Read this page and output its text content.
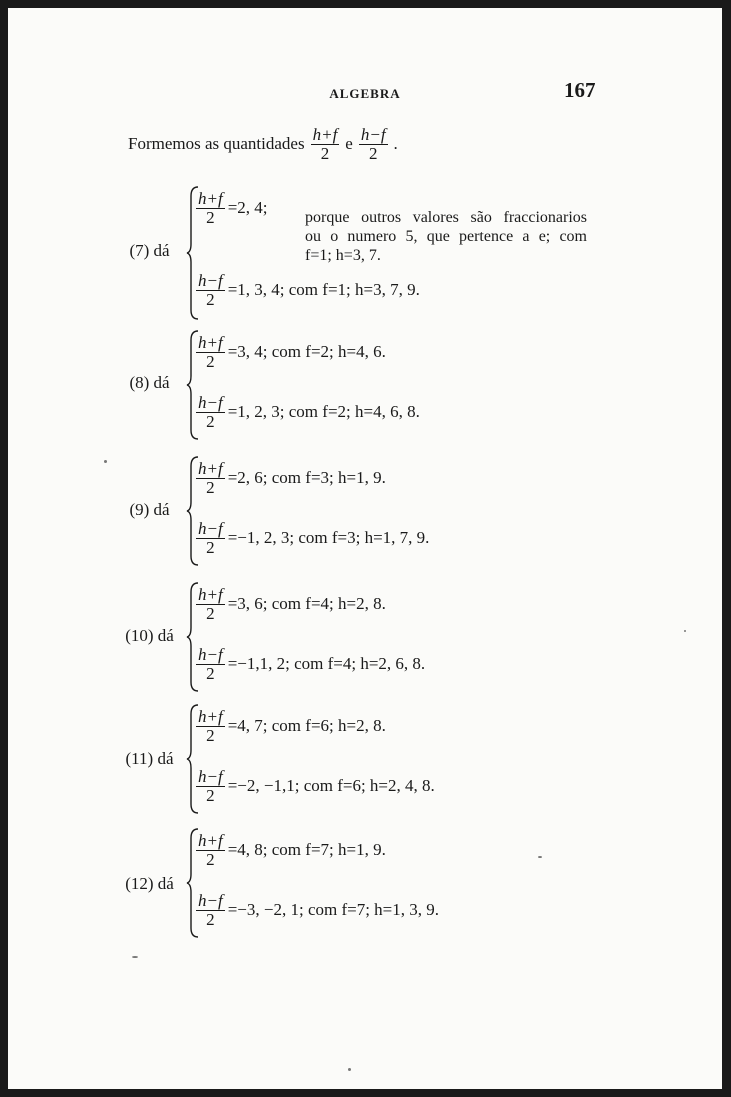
ALGEBRA	167
Formemos as quantidades $\frac{h+f}{2}$ e $\frac{h-f}{2}$ .
(7) dá
$\frac{h+f}{2} =2$, 4;
porque outros valores são fraccionarios
ou o numero 5, que pertence a e; com
f=1; h=3, 7.
$\frac{h-f}{2} =1$, 3, 4; com f=1; h=3, 7, 9.
(8) dá
$\frac{h+f}{2} =3$, 4; com f=2; h=4, 6.
$\frac{h-f}{2} =1$, 2, 3; com f=2; h=4, 6, 8.
(9) dá
$\frac{h+f}{2} =2$, 6; com f=3; h=1, 9.
$\frac{h-f}{2} =-1$, 2, 3; com f=3; h=1, 7, 9.
(10) dá
$\frac{h+f}{2} =3$, 6; com f=4; h=2, 8.
$\frac{h-f}{2} =-1,1$, 2; com f=4; h=2, 6, 8.
(11) dá
$\frac{h+f}{2} =4$, 7; com f=6; h=2, 8.
$\frac{h-f}{2} =-2$, −1,1; com f=6; h=2, 4, 8.
(12) dá
$\frac{h+f}{2} =4$, 8; com f=7; h=1, 9.
$\frac{h-f}{2} =-3$, −2, 1; com f=7; h=1, 3, 9.
